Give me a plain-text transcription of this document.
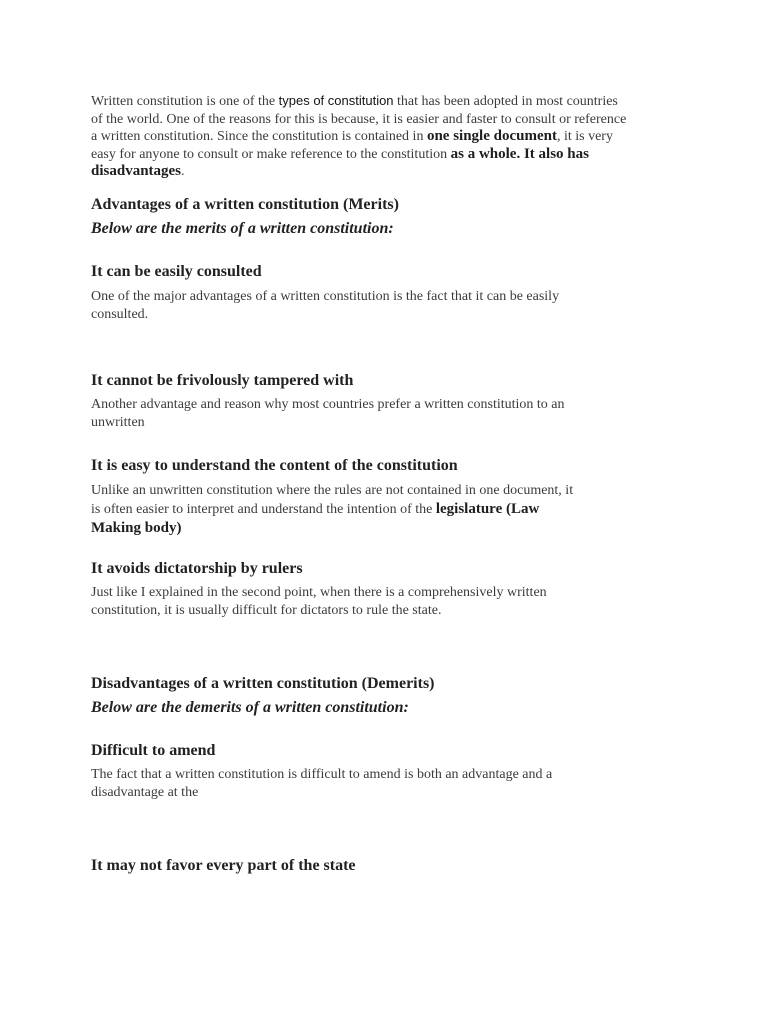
Written constitution is one of the types of constitution that has been adopted in most countries
of the world. One of the reasons for this is because, it is easier and faster to consult or reference
a written constitution. Since the constitution is contained in one single document, it is very
easy for anyone to consult or make reference to the constitution as a whole. It also has
disadvantages.
Advantages of a written constitution (Merits)
Below are the merits of a written constitution:
It can be easily consulted
One of the major advantages of a written constitution is the fact that it can be easily
consulted.
It cannot be frivolously tampered with
Another advantage and reason why most countries prefer a written constitution to an
unwritten
It is easy to understand the content of the constitution
Unlike an unwritten constitution where the rules are not contained in one document, it
is often easier to interpret and understand the intention of the legislature (Law
Making body)
It avoids dictatorship by rulers
Just like I explained in the second point, when there is a comprehensively written
constitution, it is usually difficult for dictators to rule the state.
Disadvantages of a written constitution (Demerits)
Below are the demerits of a written constitution:
Difficult to amend
The fact that a written constitution is difficult to amend is both an advantage and a
disadvantage at the
It may not favor every part of the state
